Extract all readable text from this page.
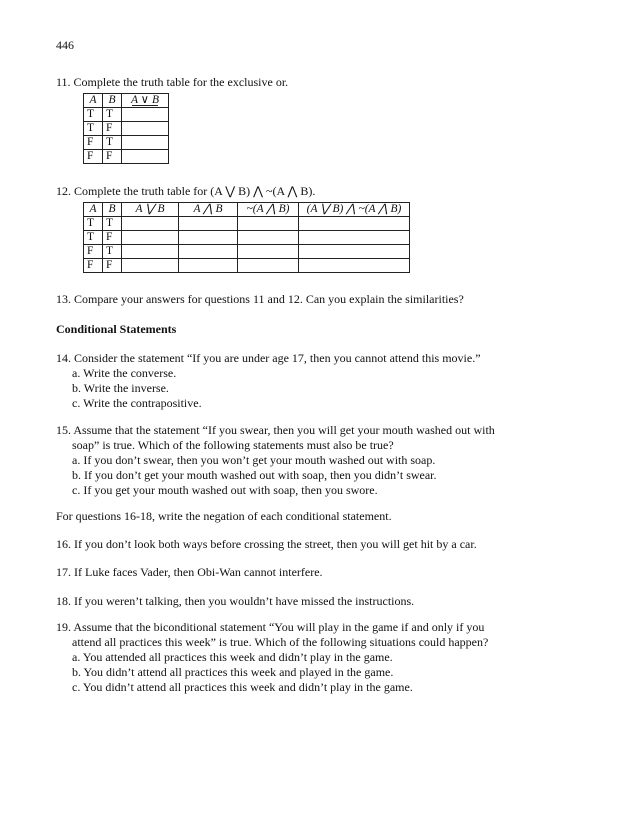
446
11. Complete the truth table for the exclusive or.
A	B	A ∨ B

T	T	
T	F	
F	T	
F	F	
12. Complete the truth table for (A ⋁ B) ⋀ ~(A ⋀ B).
A	B	A ⋁ B	A ⋀ B	~(A ⋀ B)	(A ⋁ B) ⋀ ~(A ⋀ B)
T	T				
T	F				
F	T				
F	F				
13. Compare your answers for questions 11 and 12. Can you explain the similarities?
Conditional Statements
14. Consider the statement “If you are under age 17, then you cannot attend this movie.”
a. Write the converse.
b. Write the inverse.
c. Write the contrapositive.
15. Assume that the statement “If you swear, then you will get your mouth washed out with
soap” is true. Which of the following statements must also be true?
a. If you don’t swear, then you won’t get your mouth washed out with soap.
b. If you don’t get your mouth washed out with soap, then you didn’t swear.
c. If you get your mouth washed out with soap, then you swore.
For questions 16-18, write the negation of each conditional statement.
16. If you don’t look both ways before crossing the street, then you will get hit by a car.
17. If Luke faces Vader, then Obi-Wan cannot interfere.
18. If you weren’t talking, then you wouldn’t have missed the instructions.
19. Assume that the biconditional statement “You will play in the game if and only if you
attend all practices this week” is true. Which of the following situations could happen?
a. You attended all practices this week and didn’t play in the game.
b. You didn’t attend all practices this week and played in the game.
c. You didn’t attend all practices this week and didn’t play in the game.
